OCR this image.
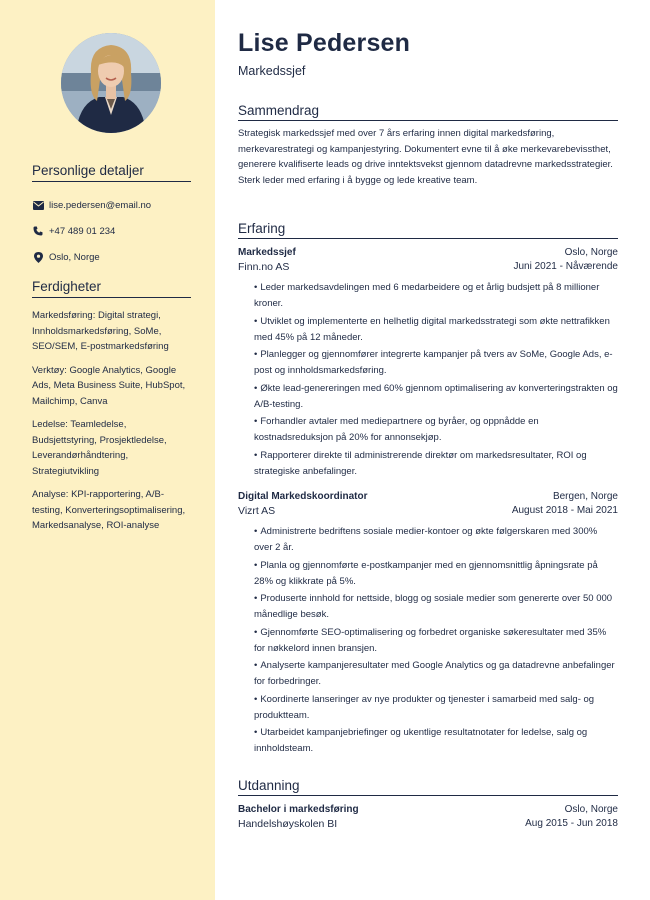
Personlige detaljer
lise.pedersen@email.no
+47 489 01 234
Oslo, Norge
Ferdigheter
Markedsføring: Digital strategi, Innholdsmarkedsføring, SoMe, SEO/SEM, E-postmarkedsføring
Verktøy: Google Analytics, Google Ads, Meta Business Suite, HubSpot, Mailchimp, Canva
Ledelse: Teamledelse, Budsjettstyring, Prosjektledelse, Leverandørhåndtering, Strategiutvikling
Analyse: KPI-rapportering, A/B-testing, Konverteringsoptimalisering, Markedsanalyse, ROI-analyse
Lise Pedersen
Markedssjef
Sammendrag
Strategisk markedssjef med over 7 års erfaring innen digital markedsføring, merkevarestrategi og kampanjestyring. Dokumentert evne til å øke merkevarebevissthet, generere kvalifiserte leads og drive inntektsvekst gjennom datadrevne markedsstrategier. Sterk leder med erfaring i å bygge og lede kreative team.
Erfaring
Markedssjef	Oslo, Norge
Finn.no AS	Juni 2021 - Nåværende
• Leder markedsavdelingen med 6 medarbeidere og et årlig budsjett på 8 millioner kroner.
• Utviklet og implementerte en helhetlig digital markedsstrategi som økte nettrafikken med 45% på 12 måneder.
• Planlegger og gjennomfører integrerte kampanjer på tvers av SoMe, Google Ads, e-post og innholdsmarkedsføring.
• Økte lead-genereringen med 60% gjennom optimalisering av konverteringstrakten og A/B-testing.
• Forhandler avtaler med mediepartnere og byråer, og oppnådde en kostnadsreduksjon på 20% for annonsekjøp.
• Rapporterer direkte til administrerende direktør om markedsresultater, ROI og strategiske anbefalinger.
Digital Markedskoordinator	Bergen, Norge
Vizrt AS	August 2018 - Mai 2021
• Administrerte bedriftens sosiale medier-kontoer og økte følgerskaren med 300% over 2 år.
• Planla og gjennomførte e-postkampanjer med en gjennomsnittlig åpningsrate på 28% og klikkrate på 5%.
• Produserte innhold for nettside, blogg og sosiale medier som genererte over 50 000 månedlige besøk.
• Gjennomførte SEO-optimalisering og forbedret organiske søkeresultater med 35% for nøkkelord innen bransjen.
• Analyserte kampanjeresultater med Google Analytics og ga datadrevne anbefalinger for forbedringer.
• Koordinerte lanseringer av nye produkter og tjenester i samarbeid med salg- og produktteam.
• Utarbeidet kampanjebriefinger og ukentlige resultatnotater for ledelse, salg og innholdsteam.
Utdanning
Bachelor i markedsføring	Oslo, Norge
Handelshøyskolen BI	Aug 2015 - Jun 2018
